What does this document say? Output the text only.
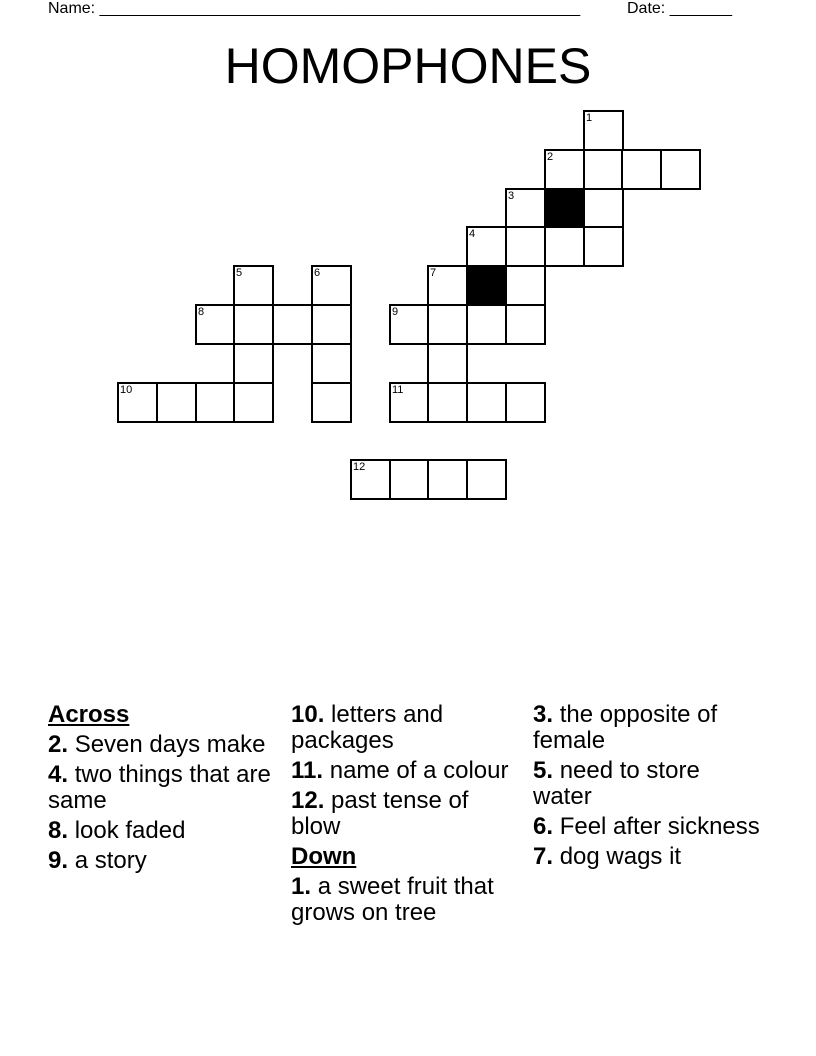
Name: ______________________________________________________	Date: _______
HOMOPHONES
1
2
3
4
5	6	7
8	9
10	11
12
Across
2. Seven days make
4. two things that are same
8. look faded
9. a story
10. letters and packages
11. name of a colour
12. past tense of blow
Down
1. a sweet fruit that grows on tree
3. the opposite of female
5. need to store water
6. Feel after sickness
7. dog wags it
